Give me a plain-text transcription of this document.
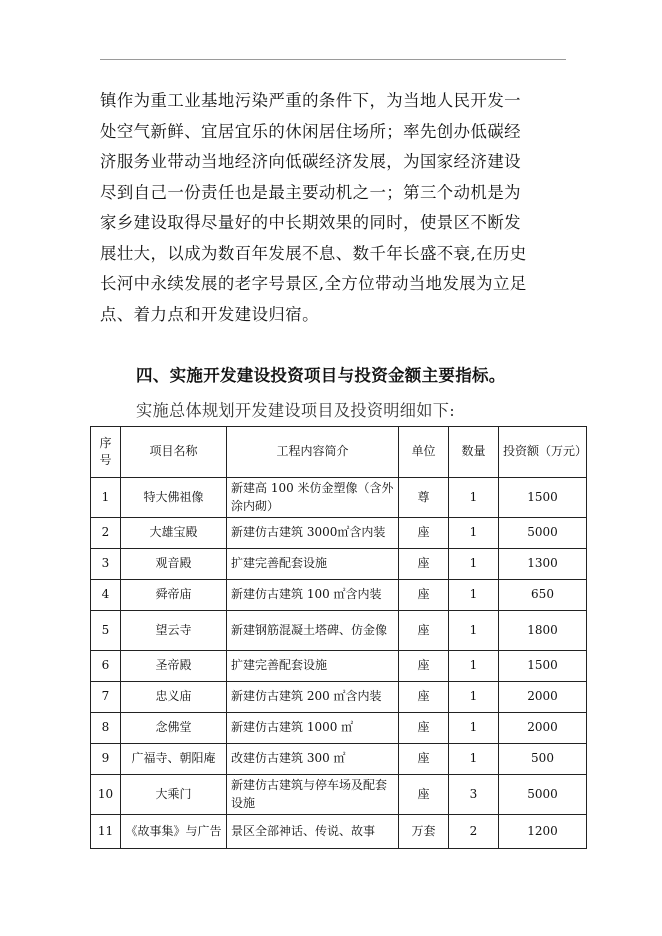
镇作为重工业基地污染严重的条件下，为当地人民开发一
处空气新鲜、宜居宜乐的休闲居住场所；率先创办低碳经
济服务业带动当地经济向低碳经济发展，为国家经济建设
尽到自己一份责任也是最主要动机之一；第三个动机是为
家乡建设取得尽量好的中长期效果的同时，使景区不断发
展壮大，以成为数百年发展不息、数千年长盛不衰,在历史
长河中永续发展的老字号景区,全方位带动当地发展为立足
点、着力点和开发建设归宿。
四、实施开发建设投资项目与投资金额主要指标。
实施总体规划开发建设项目及投资明细如下:
序号	项目名称	工程内容简介	单位	数量	投资额（万元）
1	特大佛祖像	新建高 100 米仿金塑像（含外涂内砌）	尊	1	1500
2	大雄宝殿	新建仿古建筑 3000㎡含内装	座	1	5000
3	观音殿	扩建完善配套设施	座	1	1300
4	舜帝庙	新建仿古建筑 100 ㎡含内装	座	1	650
5	望云寺	新建钢筋混凝土塔碑、仿金像	座	1	1800
6	圣帝殿	扩建完善配套设施	座	1	1500
7	忠义庙	新建仿古建筑 200 ㎡含内装	座	1	2000
8	念佛堂	新建仿古建筑 1000 ㎡	座	1	2000
9	广福寺、朝阳庵	改建仿古建筑 300 ㎡	座	1	500
10	大乘门	新建仿古建筑与停车场及配套设施	座	3	5000
11	《故事集》与广告	景区全部神话、传说、故事	万套	2	1200
